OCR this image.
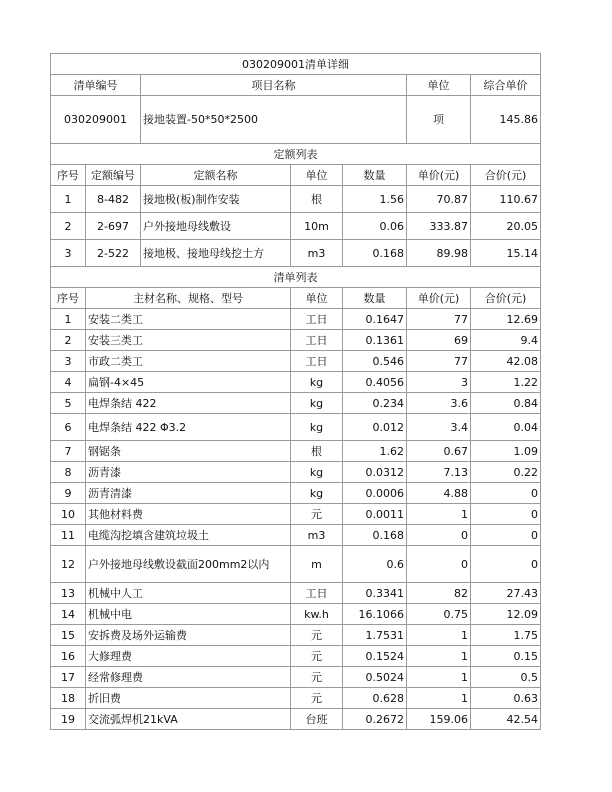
030209001清单详细						
清单编号		项目名称			单位	综合单价
030209001		接地装置-50*50*2500			项	145.86
定额列表						
序号	定额编号	定额名称	单位	数量	单价(元)	合价(元)
1	8-482	接地极(板)制作安装	根	1.56	70.87	110.67
2	2-697	户外接地母线敷设	10m	0.06	333.87	20.05
3	2-522	接地极、接地母线挖土方	m3	0.168	89.98	15.14
清单列表						
序号	主材名称、规格、型号		单位	数量	单价(元)	合价(元)
1	安装二类工		工日	0.1647	77	12.69
2	安装三类工		工日	0.1361	69	9.4
3	市政二类工		工日	0.546	77	42.08
4	扁钢-4×45		kg	0.4056	3	1.22
5	电焊条结 422		kg	0.234	3.6	0.84
6	电焊条结 422 Φ3.2		kg	0.012	3.4	0.04
7	钢锯条		根	1.62	0.67	1.09
8	沥青漆		kg	0.0312	7.13	0.22
9	沥青清漆		kg	0.0006	4.88	0
10	其他材料费		元	0.0011	1	0
11	电缆沟挖填含建筑垃圾土		m3	0.168	0	0
12	户外接地母线敷设截面200mm2以内		m	0.6	0	0
13	机械中人工		工日	0.3341	82	27.43
14	机械中电		kw.h	16.1066	0.75	12.09
15	安拆费及场外运输费		元	1.7531	1	1.75
16	大修理费		元	0.1524	1	0.15
17	经常修理费		元	0.5024	1	0.5
18	折旧费		元	0.628	1	0.63
19	交流弧焊机21kVA		台班	0.2672	159.06	42.54
